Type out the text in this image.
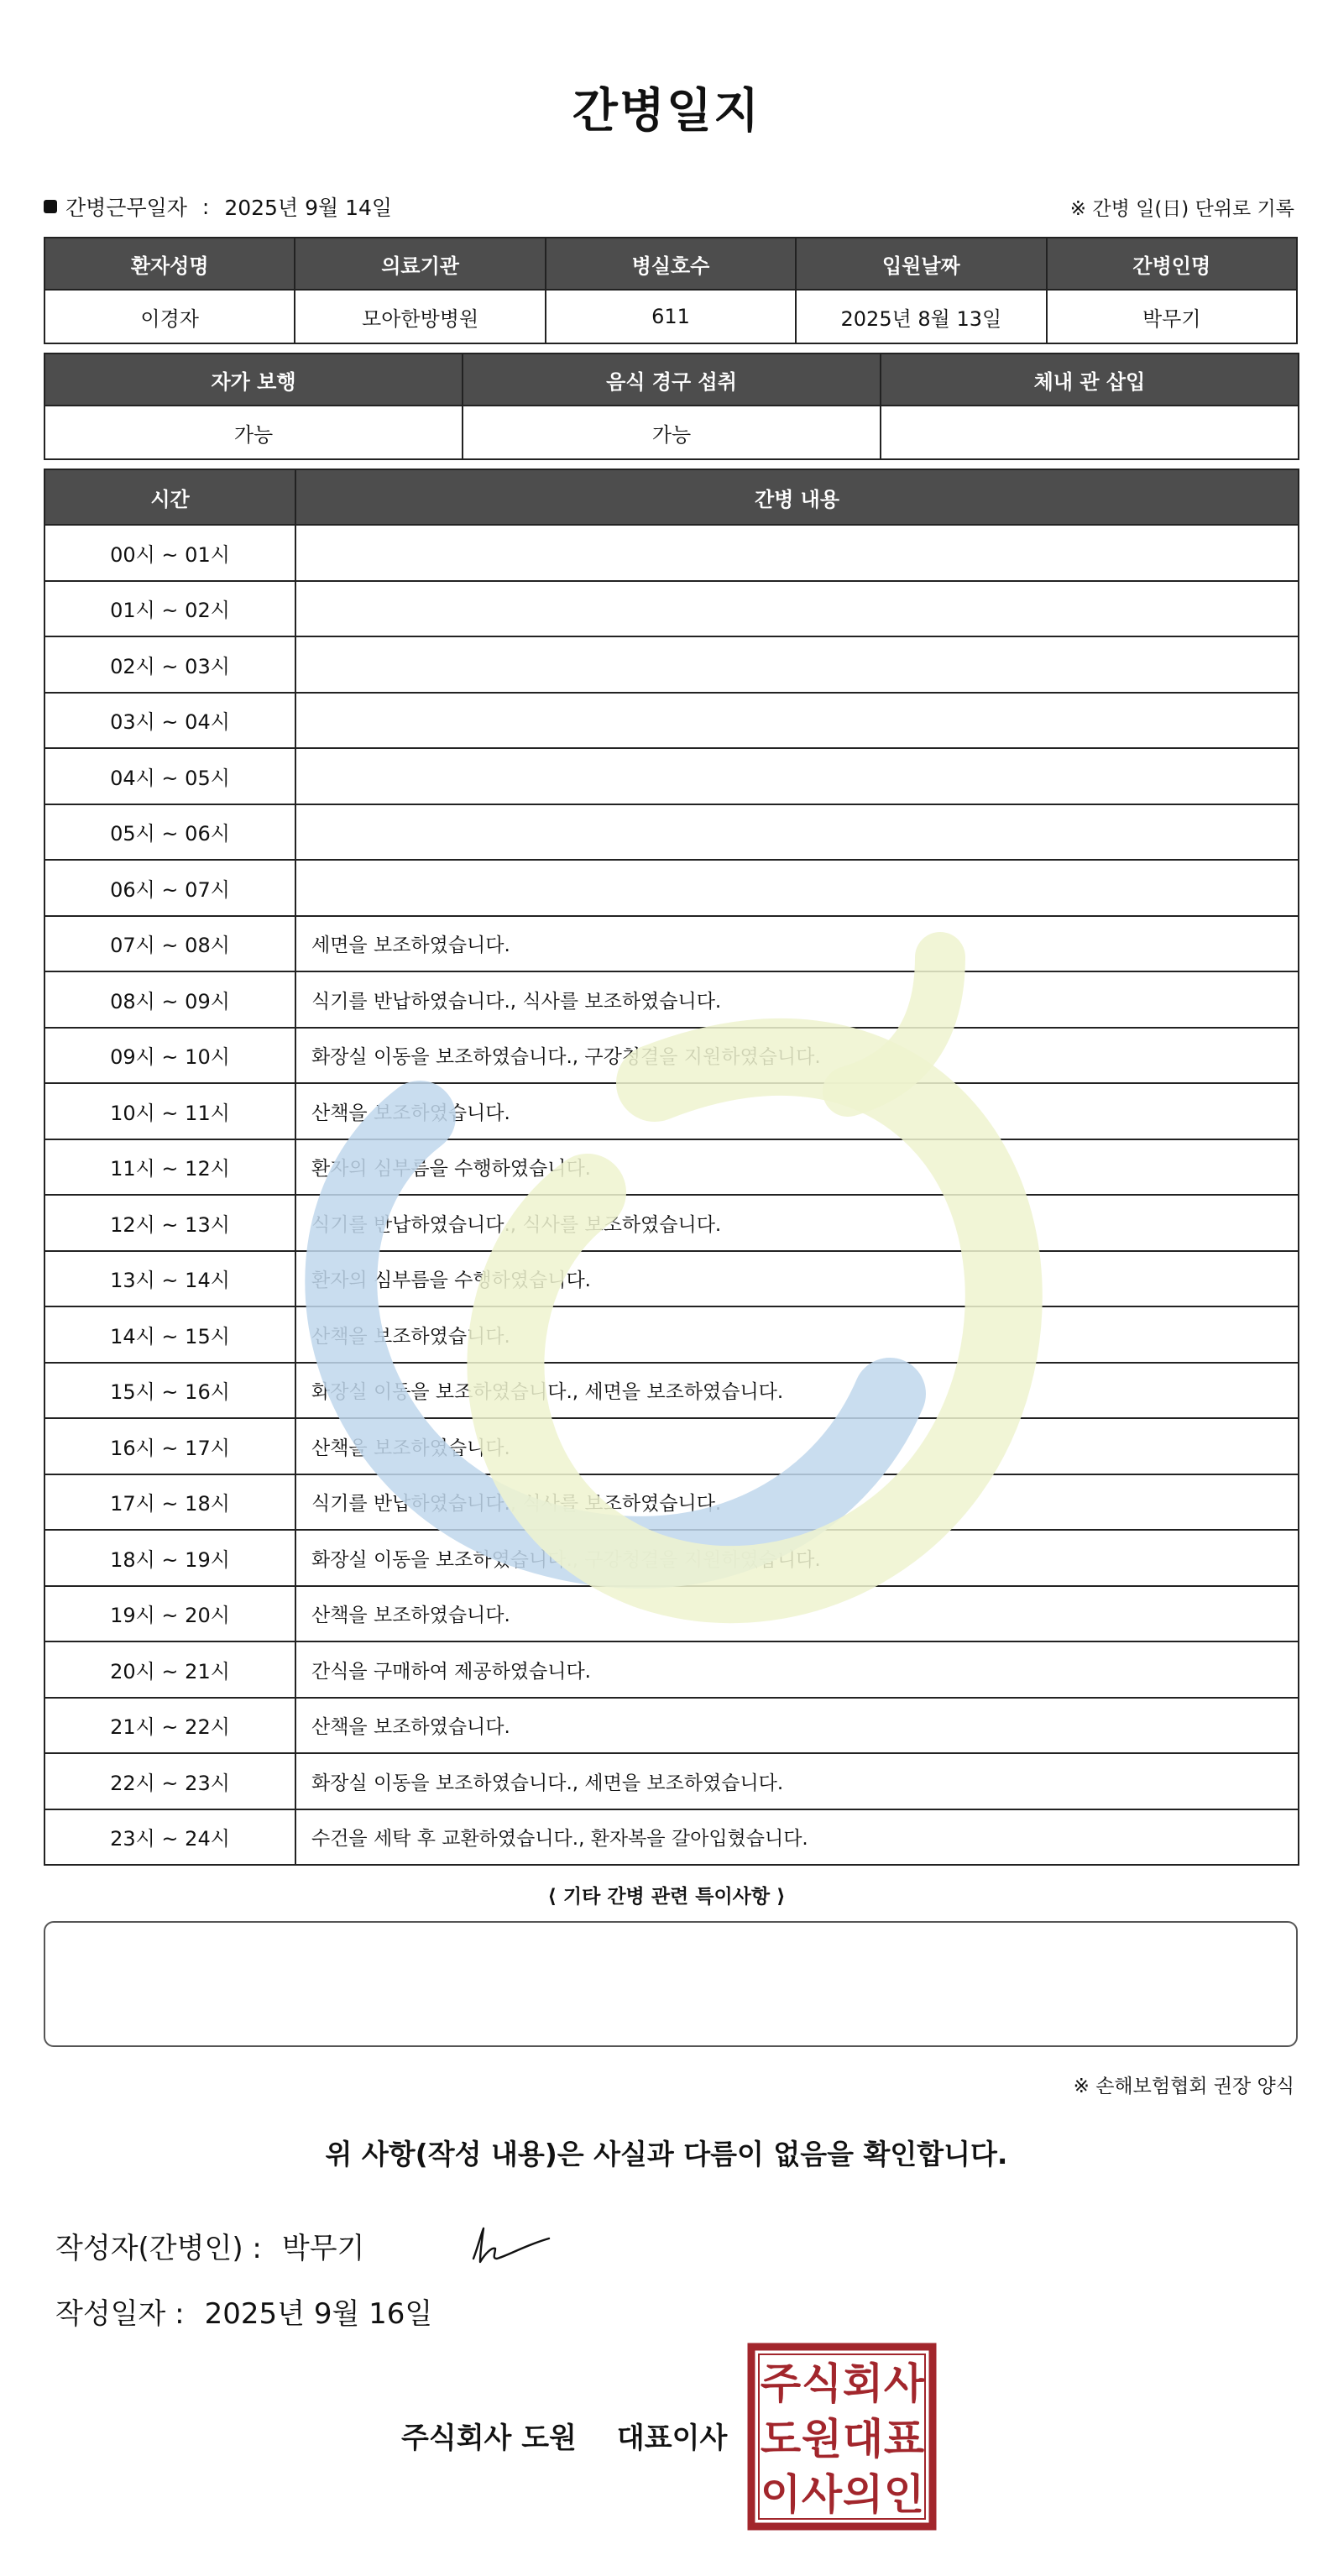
간병일지
간병근무일자 : 2025년 9월 14일	※ 간병 일(日) 단위로 기록
환자성명	의료기관	병실호수	입원날짜	간병인명
이경자	모아한방병원	611	2025년 8월 13일	박무기
자가 보행	음식 경구 섭취	체내 관 삽입
가능	가능	
시간	간병 내용
00시 ~ 01시	
01시 ~ 02시	
02시 ~ 03시	
03시 ~ 04시	
04시 ~ 05시	
05시 ~ 06시	
06시 ~ 07시	
07시 ~ 08시	세면을 보조하였습니다.
08시 ~ 09시	식기를 반납하였습니다., 식사를 보조하였습니다.
09시 ~ 10시	화장실 이동을 보조하였습니다., 구강청결을 지원하였습니다.
10시 ~ 11시	산책을 보조하였습니다.
11시 ~ 12시	환자의 심부름을 수행하였습니다.
12시 ~ 13시	식기를 반납하였습니다., 식사를 보조하였습니다.
13시 ~ 14시	환자의 심부름을 수행하였습니다.
14시 ~ 15시	산책을 보조하였습니다.
15시 ~ 16시	화장실 이동을 보조하였습니다., 세면을 보조하였습니다.
16시 ~ 17시	산책을 보조하였습니다.
17시 ~ 18시	식기를 반납하였습니다., 식사를 보조하였습니다.
18시 ~ 19시	화장실 이동을 보조하였습니다., 구강청결을 지원하였습니다.
19시 ~ 20시	산책을 보조하였습니다.
20시 ~ 21시	간식을 구매하여 제공하였습니다.
21시 ~ 22시	산책을 보조하였습니다.
22시 ~ 23시	화장실 이동을 보조하였습니다., 세면을 보조하였습니다.
23시 ~ 24시	수건을 세탁 후 교환하였습니다., 환자복을 갈아입혔습니다.
⟨ 기타 간병 관련 특이사항 ⟩
※ 손해보험협회 권장 양식
위 사항(작성 내용)은 사실과 다름이 없음을 확인합니다.
작성자(간병인) : 박무기
작성일자 : 2025년 9월 16일
주식회사 도원 대표이사
주 식 회 사
도 원 대 표
이 사 의 인
